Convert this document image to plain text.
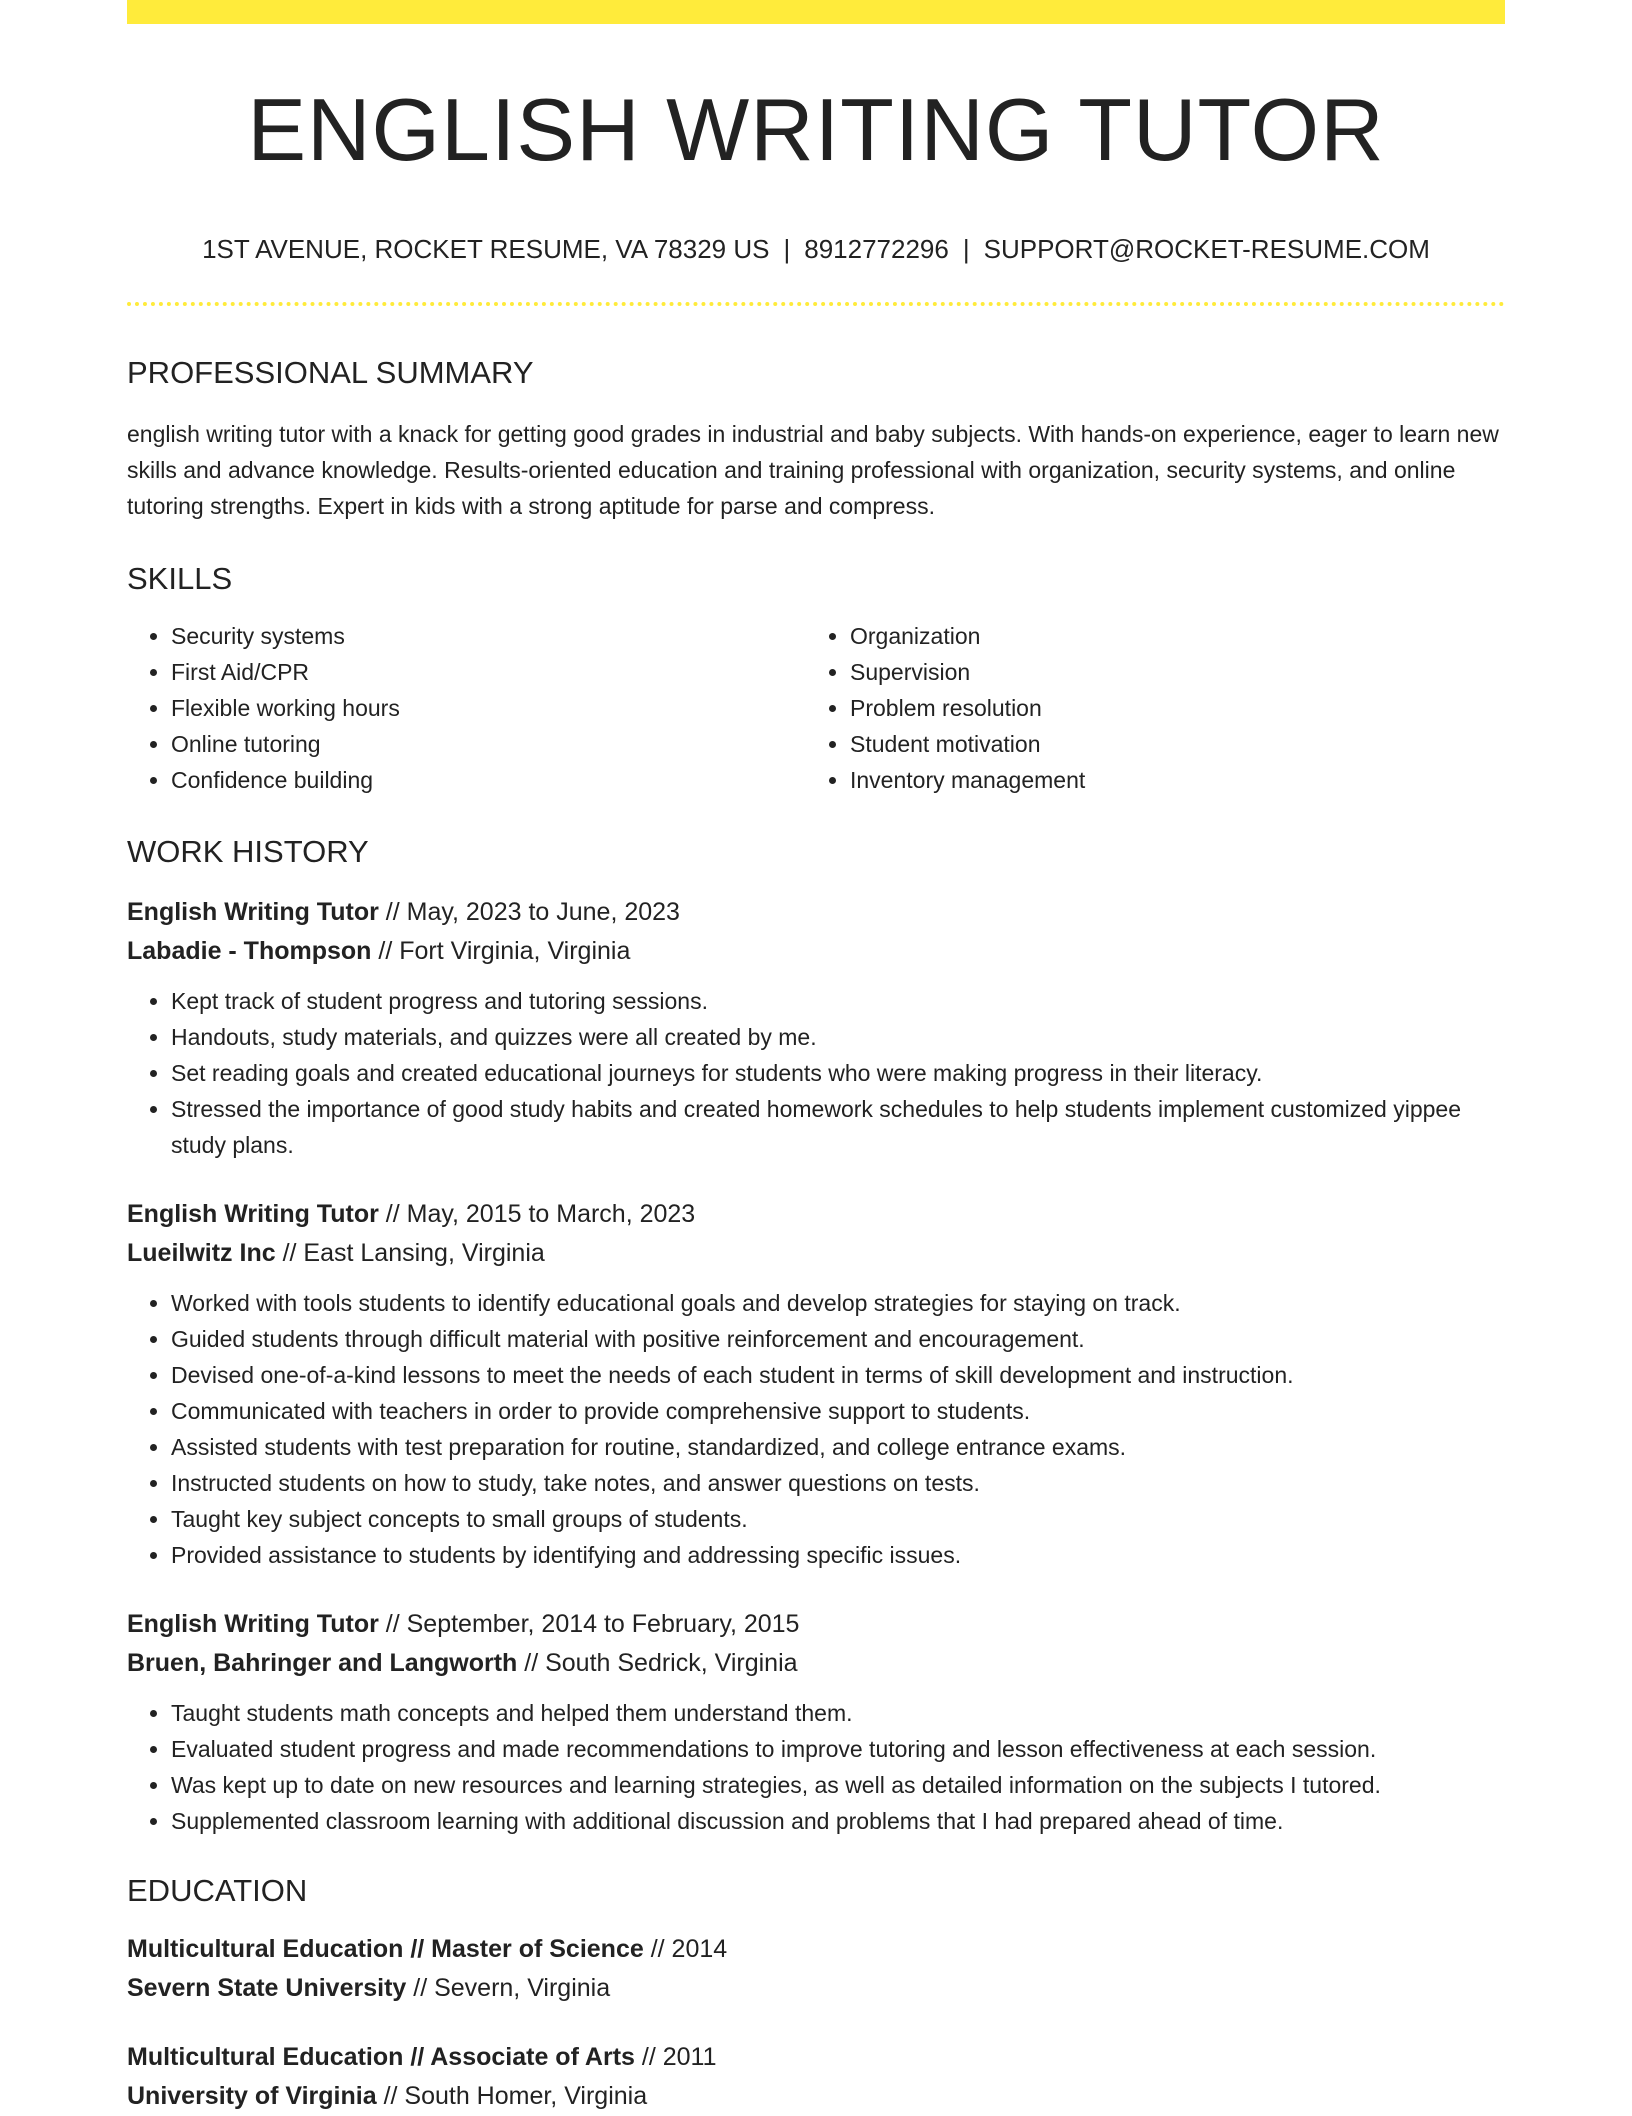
ENGLISH WRITING TUTOR
1ST AVENUE, ROCKET RESUME, VA 78329 US | 8912772296 | SUPPORT@ROCKET-RESUME.COM
PROFESSIONAL SUMMARY

english writing tutor with a knack for getting good grades in industrial and baby subjects. With hands-on experience, eager to learn new skills and advance knowledge. Results-oriented education and training professional with organization, security systems, and online tutoring strengths. Expert in kids with a strong aptitude for parse and compress.

SKILLS
• Security systems
• First Aid/CPR
• Flexible working hours
• Online tutoring
• Confidence building
• Organization
• Supervision
• Problem resolution
• Student motivation
• Inventory management
WORK HISTORY
English Writing Tutor // May, 2023 to June, 2023
Labadie - Thompson // Fort Virginia, Virginia
• Kept track of student progress and tutoring sessions.
• Handouts, study materials, and quizzes were all created by me.
• Set reading goals and created educational journeys for students who were making progress in their literacy.
• Stressed the importance of good study habits and created homework schedules to help students implement customized yippee study plans.
English Writing Tutor // May, 2015 to March, 2023
Lueilwitz Inc // East Lansing, Virginia
• Worked with tools students to identify educational goals and develop strategies for staying on track.
• Guided students through difficult material with positive reinforcement and encouragement.
• Devised one-of-a-kind lessons to meet the needs of each student in terms of skill development and instruction.
• Communicated with teachers in order to provide comprehensive support to students.
• Assisted students with test preparation for routine, standardized, and college entrance exams.
• Instructed students on how to study, take notes, and answer questions on tests.
• Taught key subject concepts to small groups of students.
• Provided assistance to students by identifying and addressing specific issues.
English Writing Tutor // September, 2014 to February, 2015
Bruen, Bahringer and Langworth // South Sedrick, Virginia
• Taught students math concepts and helped them understand them.
• Evaluated student progress and made recommendations to improve tutoring and lesson effectiveness at each session.
• Was kept up to date on new resources and learning strategies, as well as detailed information on the subjects I tutored.
• Supplemented classroom learning with additional discussion and problems that I had prepared ahead of time.
EDUCATION
Multicultural Education // Master of Science // 2014
Severn State University // Severn, Virginia
Multicultural Education // Associate of Arts // 2011
University of Virginia // South Homer, Virginia
